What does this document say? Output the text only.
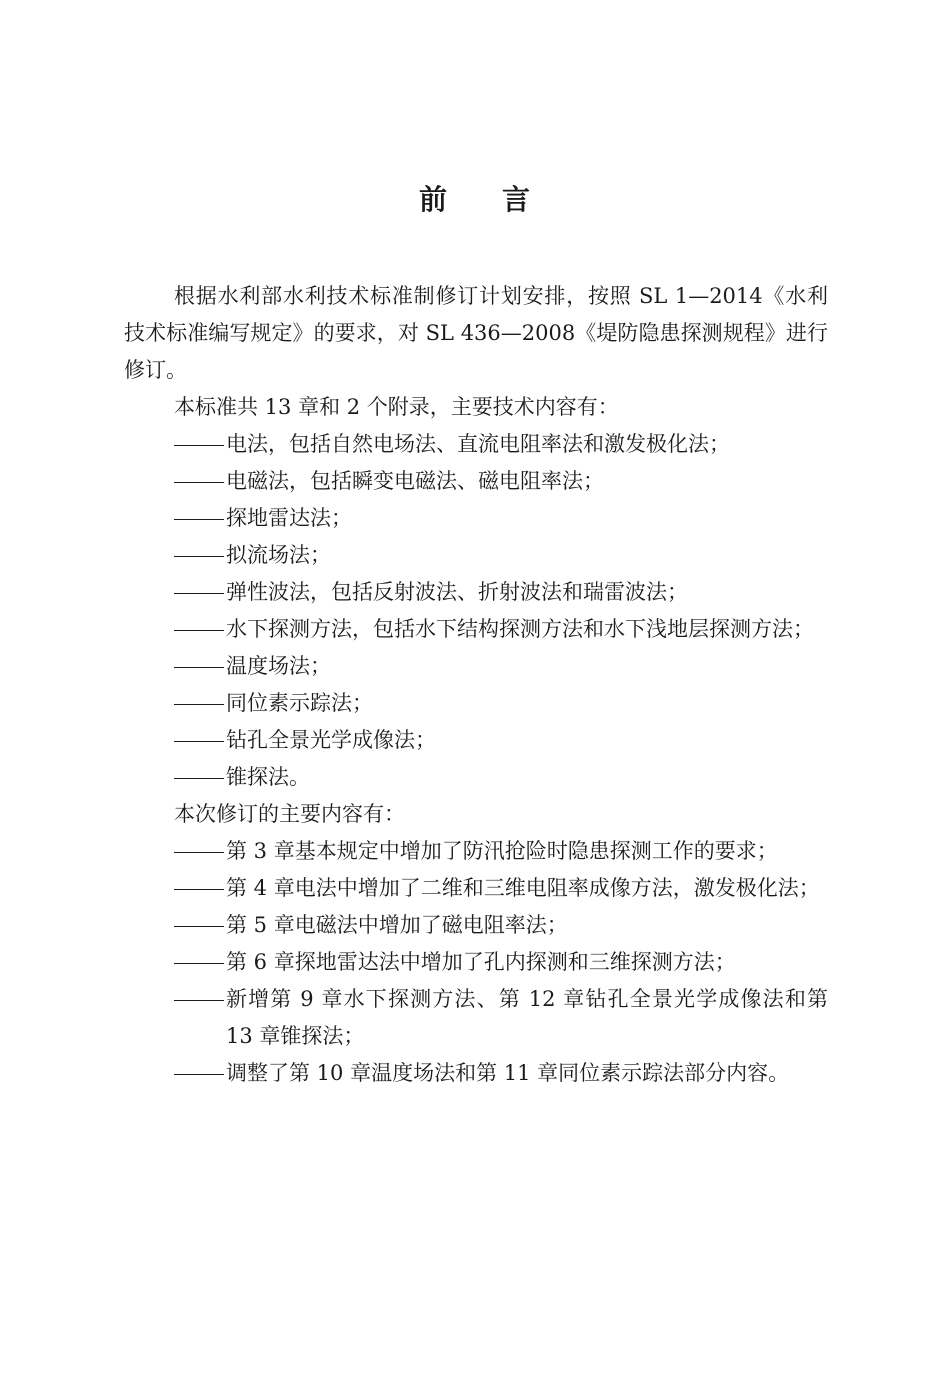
前 言

根据水利部水利技术标准制修订计划安排，按照 SL 1—2014《水利技术标准编写规定》的要求，对 SL 436—2008《堤防隐患探测规程》进行修订。

本标准共 13 章和 2 个附录，主要技术内容有：

电法，包括自然电场法、直流电阻率法和激发极化法；

电磁法，包括瞬变电磁法、磁电阻率法；

探地雷达法；

拟流场法；

弹性波法，包括反射波法、折射波法和瑞雷波法；

水下探测方法，包括水下结构探测方法和水下浅地层探测方法；

温度场法；

同位素示踪法；

钻孔全景光学成像法；

锥探法。

本次修订的主要内容有：

第 3 章基本规定中增加了防汛抢险时隐患探测工作的要求；

第 4 章电法中增加了二维和三维电阻率成像方法，激发极化法；

第 5 章电磁法中增加了磁电阻率法；

第 6 章探地雷达法中增加了孔内探测和三维探测方法；

新增第 9 章水下探测方法、第 12 章钻孔全景光学成像法和第 13 章锥探法；

调整了第 10 章温度场法和第 11 章同位素示踪法部分内容。
